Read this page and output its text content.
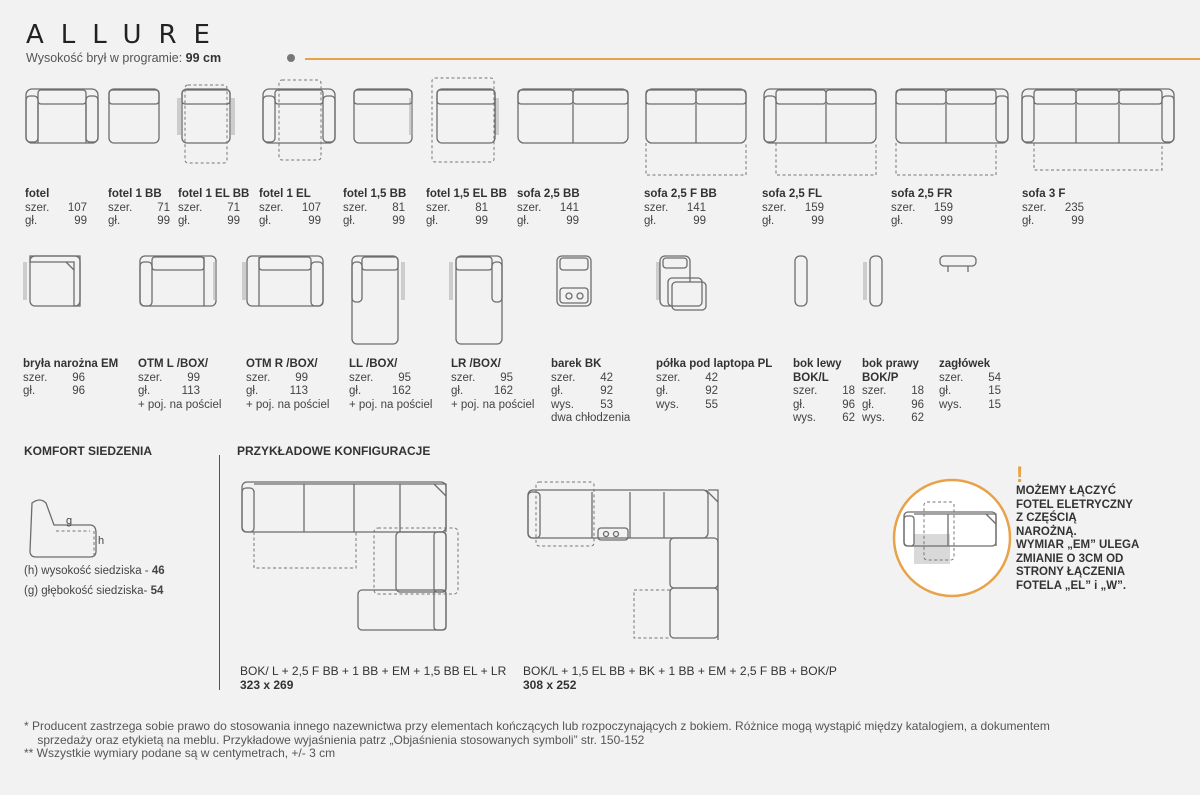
ALLURE
Wysokość brył w programie: 99 cm
fotel
szer. 107
gł.	99
fotel 1 BB
szer. 71
gł.	99
fotel 1 EL BB
szer. 71
gł.	99
fotel 1 EL
szer. 107
gł.	99
fotel 1,5 BB
szer. 81
gł.	99
fotel 1,5 EL BB
szer. 81
gł.	99
sofa 2,5 BB
szer. 141
gł.	99
sofa 2,5 F BB
szer. 141
gł.	99
sofa 2,5 FL
szer. 159
gł.	99
sofa 2,5 FR
szer. 159
gł.	99
sofa 3 F
szer. 235
gł.	99
bryła narożna EM
szer. 96
gł.	96
OTM L /BOX/
szer. 99
gł.	113
+ poj. na pościel
OTM R /BOX/
szer. 99
gł.	113
+ poj. na pościel
LL /BOX/
szer. 95
gł.	162
+ poj. na pościel
LR /BOX/
szer. 95
gł.	162
+ poj. na pościel
barek BK
szer. 42
gł.	92
wys. 53
dwa chłodzenia
półka pod laptopa PL
szer. 42
gł.	92
wys. 55
bok lewy
BOK/L
szer. 18
gł.	96
wys. 62
bok prawy
BOK/P
szer. 18
gł.	96
wys. 62
zagłówek
szer. 54
gł.	15
wys. 15
KOMFORT SIEDZENIA
g
h
(h) wysokość siedziska - 46
(g) głębokość siedziska- 54
PRZYKŁADOWE KONFIGURACJE
BOK/ L + 2,5 F BB + 1 BB + EM + 1,5 BB EL + LR
323 x 269
BOK/L + 1,5 EL BB + BK + 1 BB + EM + 2,5 F BB + BOK/P
308 x 252
!
MOŻEMY ŁĄCZYĆ
FOTEL ELETRYCZNY
Z CZĘŚCIĄ
NAROŻNĄ.
WYMIAR „EM” ULEGA
ZMIANIE O 3CM OD
STRONY ŁĄCZENIA
FOTELA „EL” i „W”.
* Producent zastrzega sobie prawo do stosowania innego nazewnictwa przy elementach kończących lub rozpoczynających z bokiem. Różnice mogą wystąpić między katalogiem, a dokumentem
sprzedaży oraz etykietą na meblu. Przykładowe wyjaśnienia patrz „Objaśnienia stosowanych symboli” str. 150-152
** Wszystkie wymiary podane są w centymetrach, +/- 3 cm
